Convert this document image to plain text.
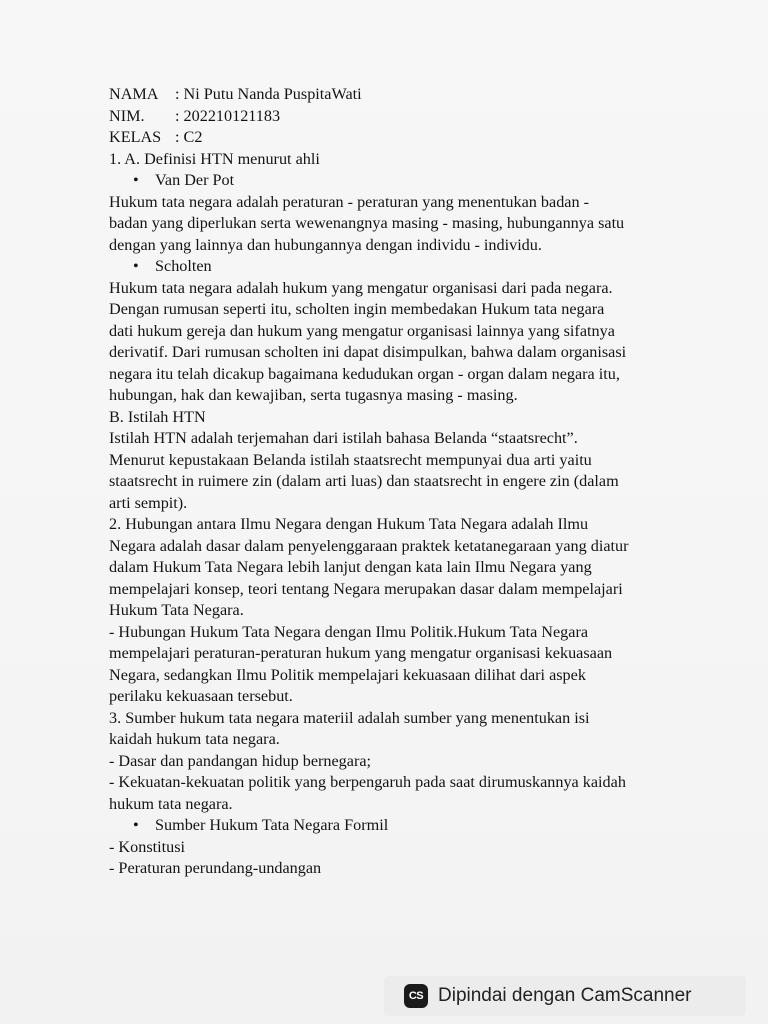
NAMA : Ni Putu Nanda PuspitaWati
NIM. : 202210121183
KELAS : C2
1. A. Definisi HTN menurut ahli
• Van Der Pot
Hukum tata negara adalah peraturan - peraturan yang menentukan badan -
badan yang diperlukan serta wewenangnya masing - masing, hubungannya satu
dengan yang lainnya dan hubungannya dengan individu - individu.
• Scholten
Hukum tata negara adalah hukum yang mengatur organisasi dari pada negara.
Dengan rumusan seperti itu, scholten ingin membedakan Hukum tata negara
dati hukum gereja dan hukum yang mengatur organisasi lainnya yang sifatnya
derivatif. Dari rumusan scholten ini dapat disimpulkan, bahwa dalam organisasi
negara itu telah dicakup bagaimana kedudukan organ - organ dalam negara itu,
hubungan, hak dan kewajiban, serta tugasnya masing - masing.
B. Istilah HTN
Istilah HTN adalah terjemahan dari istilah bahasa Belanda “staatsrecht”.
Menurut kepustakaan Belanda istilah staatsrecht mempunyai dua arti yaitu
staatsrecht in ruimere zin (dalam arti luas) dan staatsrecht in engere zin (dalam
arti sempit).
2. Hubungan antara Ilmu Negara dengan Hukum Tata Negara adalah Ilmu
Negara adalah dasar dalam penyelenggaraan praktek ketatanegaraan yang diatur
dalam Hukum Tata Negara lebih lanjut dengan kata lain Ilmu Negara yang
mempelajari konsep, teori tentang Negara merupakan dasar dalam mempelajari
Hukum Tata Negara.
- Hubungan Hukum Tata Negara dengan Ilmu Politik.Hukum Tata Negara
mempelajari peraturan-peraturan hukum yang mengatur organisasi kekuasaan
Negara, sedangkan Ilmu Politik mempelajari kekuasaan dilihat dari aspek
perilaku kekuasaan tersebut.
3. Sumber hukum tata negara materiil adalah sumber yang menentukan isi
kaidah hukum tata negara.
- Dasar dan pandangan hidup bernegara;
- Kekuatan-kekuatan politik yang berpengaruh pada saat dirumuskannya kaidah
hukum tata negara.
• Sumber Hukum Tata Negara Formil
- Konstitusi
- Peraturan perundang-undangan
CS Dipindai dengan CamScanner
